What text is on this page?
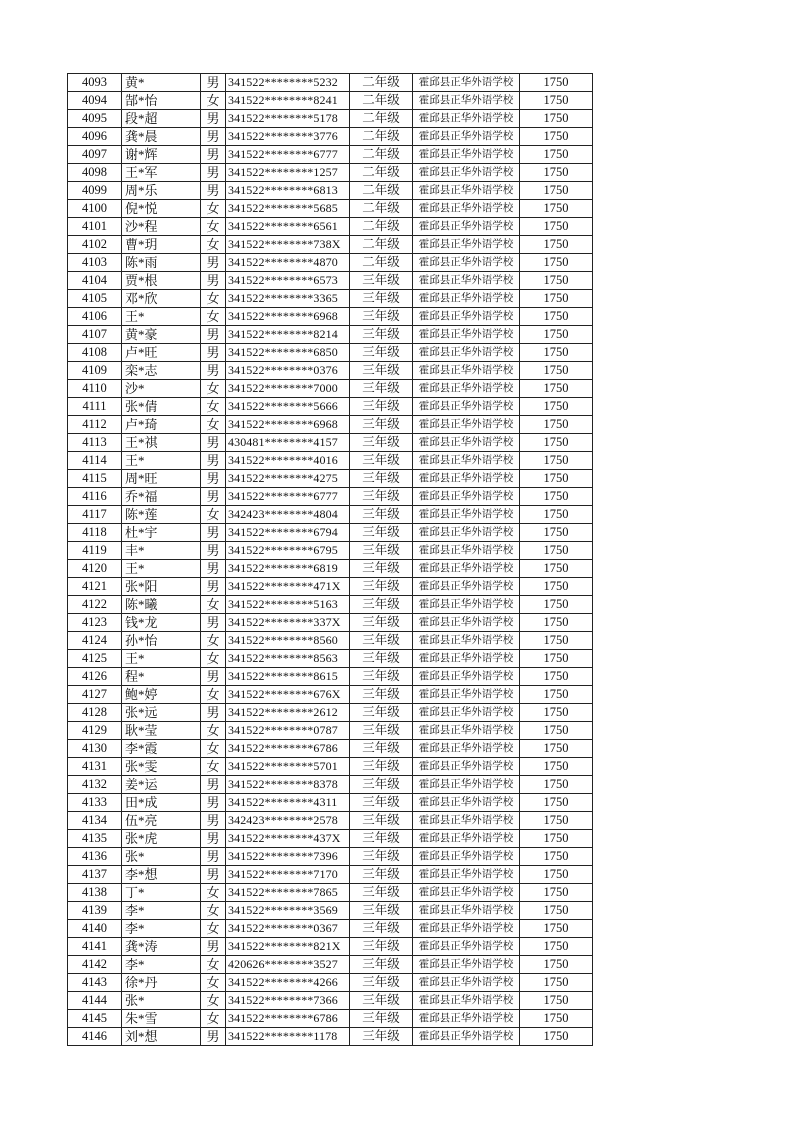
4093	黄*	男	341522********5232	二年级	霍邱县正华外语学校	1750
4094	郜*怡	女	341522********8241	二年级	霍邱县正华外语学校	1750
4095	段*超	男	341522********5178	二年级	霍邱县正华外语学校	1750
4096	龚*晨	男	341522********3776	二年级	霍邱县正华外语学校	1750
4097	谢*辉	男	341522********6777	二年级	霍邱县正华外语学校	1750
4098	王*军	男	341522********1257	二年级	霍邱县正华外语学校	1750
4099	周*乐	男	341522********6813	二年级	霍邱县正华外语学校	1750
4100	倪*悦	女	341522********5685	二年级	霍邱县正华外语学校	1750
4101	沙*程	女	341522********6561	二年级	霍邱县正华外语学校	1750
4102	曹*玥	女	341522********738X	二年级	霍邱县正华外语学校	1750
4103	陈*雨	男	341522********4870	二年级	霍邱县正华外语学校	1750
4104	贾*根	男	341522********6573	三年级	霍邱县正华外语学校	1750
4105	邓*欣	女	341522********3365	三年级	霍邱县正华外语学校	1750
4106	王*	女	341522********6968	三年级	霍邱县正华外语学校	1750
4107	黄*豪	男	341522********8214	三年级	霍邱县正华外语学校	1750
4108	卢*旺	男	341522********6850	三年级	霍邱县正华外语学校	1750
4109	栾*志	男	341522********0376	三年级	霍邱县正华外语学校	1750
4110	沙*	女	341522********7000	三年级	霍邱县正华外语学校	1750
4111	张*倩	女	341522********5666	三年级	霍邱县正华外语学校	1750
4112	卢*琦	女	341522********6968	三年级	霍邱县正华外语学校	1750
4113	王*祺	男	430481********4157	三年级	霍邱县正华外语学校	1750
4114	王*	男	341522********4016	三年级	霍邱县正华外语学校	1750
4115	周*旺	男	341522********4275	三年级	霍邱县正华外语学校	1750
4116	乔*福	男	341522********6777	三年级	霍邱县正华外语学校	1750
4117	陈*莲	女	342423********4804	三年级	霍邱县正华外语学校	1750
4118	杜*宇	男	341522********6794	三年级	霍邱县正华外语学校	1750
4119	丰*	男	341522********6795	三年级	霍邱县正华外语学校	1750
4120	王*	男	341522********6819	三年级	霍邱县正华外语学校	1750
4121	张*阳	男	341522********471X	三年级	霍邱县正华外语学校	1750
4122	陈*曦	女	341522********5163	三年级	霍邱县正华外语学校	1750
4123	钱*龙	男	341522********337X	三年级	霍邱县正华外语学校	1750
4124	孙*怡	女	341522********8560	三年级	霍邱县正华外语学校	1750
4125	王*	女	341522********8563	三年级	霍邱县正华外语学校	1750
4126	程*	男	341522********8615	三年级	霍邱县正华外语学校	1750
4127	鲍*婷	女	341522********676X	三年级	霍邱县正华外语学校	1750
4128	张*远	男	341522********2612	三年级	霍邱县正华外语学校	1750
4129	耿*莹	女	341522********0787	三年级	霍邱县正华外语学校	1750
4130	李*霞	女	341522********6786	三年级	霍邱县正华外语学校	1750
4131	张*雯	女	341522********5701	三年级	霍邱县正华外语学校	1750
4132	姜*运	男	341522********8378	三年级	霍邱县正华外语学校	1750
4133	田*成	男	341522********4311	三年级	霍邱县正华外语学校	1750
4134	伍*亮	男	342423********2578	三年级	霍邱县正华外语学校	1750
4135	张*虎	男	341522********437X	三年级	霍邱县正华外语学校	1750
4136	张*	男	341522********7396	三年级	霍邱县正华外语学校	1750
4137	李*想	男	341522********7170	三年级	霍邱县正华外语学校	1750
4138	丁*	女	341522********7865	三年级	霍邱县正华外语学校	1750
4139	李*	女	341522********3569	三年级	霍邱县正华外语学校	1750
4140	李*	女	341522********0367	三年级	霍邱县正华外语学校	1750
4141	龚*涛	男	341522********821X	三年级	霍邱县正华外语学校	1750
4142	李*	女	420626********3527	三年级	霍邱县正华外语学校	1750
4143	徐*丹	女	341522********4266	三年级	霍邱县正华外语学校	1750
4144	张*	女	341522********7366	三年级	霍邱县正华外语学校	1750
4145	朱*雪	女	341522********6786	三年级	霍邱县正华外语学校	1750
4146	刘*想	男	341522********1178	三年级	霍邱县正华外语学校	1750
